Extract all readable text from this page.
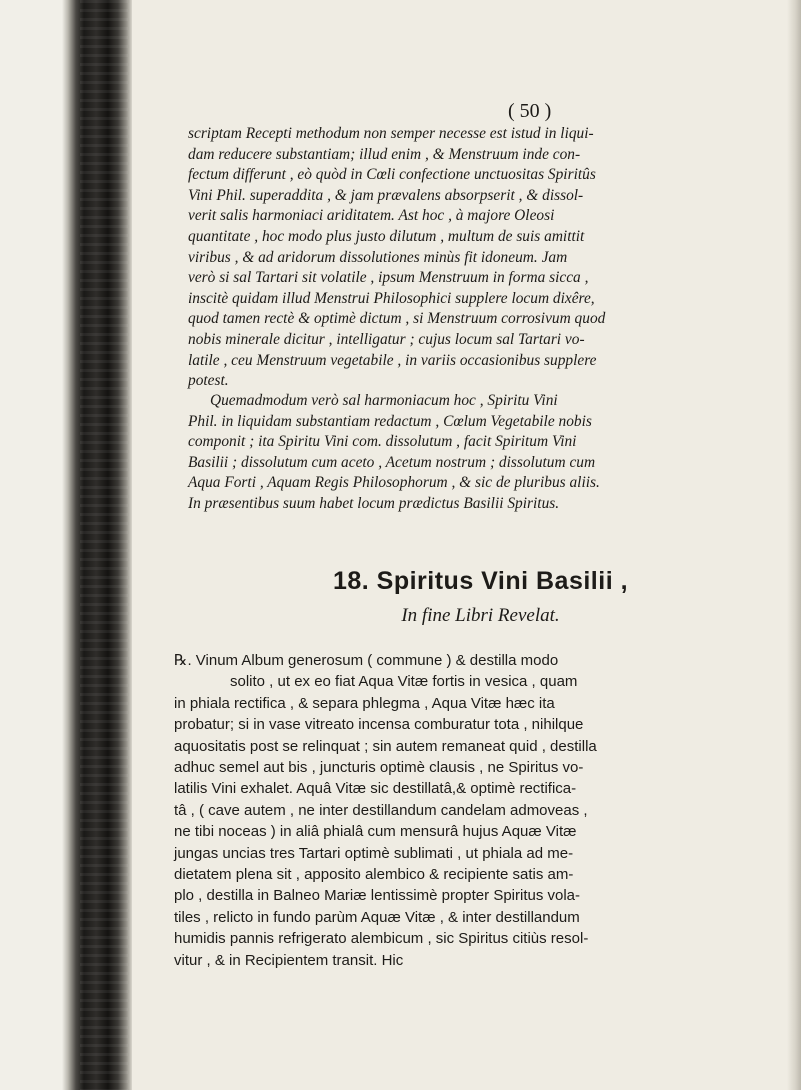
( 50 )
scriptam Recepti methodum non semper necesse est istud in liqui-
dam reducere substantiam; illud enim , & Menstruum inde con-
fectum differunt , eò quòd in Cœli confectione unctuositas Spiritûs
Vini Phil. superaddita , & jam prævalens absorpserit , & dissol-
verit salis harmoniaci ariditatem. Ast hoc , à majore Oleosi
quantitate , hoc modo plus justo dilutum , multum de suis amittit
viribus , & ad aridorum dissolutiones minùs fit idoneum. Jam
verò si sal Tartari sit volatile , ipsum Menstruum in forma sicca ,
inscitè quidam illud Menstrui Philosophici supplere locum dixêre,
quod tamen rectè & optimè dictum , si Menstruum corrosivum quod
nobis minerale dicitur , intelligatur ; cujus locum sal Tartari vo-
latile , ceu Menstruum vegetabile , in variis occasionibus supplere
potest.
Quemadmodum verò sal harmoniacum hoc , Spiritu Vini
Phil. in liquidam substantiam redactum , Cœlum Vegetabile nobis
componit ; ita Spiritu Vini com. dissolutum , facit Spiritum Vini
Basilii ; dissolutum cum aceto , Acetum nostrum ; dissolutum cum
Aqua Forti , Aquam Regis Philosophorum , & sic de pluribus aliis.
In præsentibus suum habet locum prædictus Basilii Spiritus.
18. Spiritus Vini Basilii ,
In fine Libri Revelat.
℞. Vinum Album generosum ( commune ) & destilla modo
solito , ut ex eo fiat Aqua Vitæ fortis in vesica , quam
in phiala rectifica , & separa phlegma , Aqua Vitæ hæc ita
probatur; si in vase vitreato incensa comburatur tota , nihilque
aquositatis post se relinquat ; sin autem remaneat quid , destilla
adhuc semel aut bis , juncturis optimè clausis , ne Spiritus vo-
latilis Vini exhalet. Aquâ Vitæ sic destillatâ,& optimè rectifica-
tâ , ( cave autem , ne inter destillandum candelam admoveas ,
ne tibi noceas ) in aliâ phialâ cum mensurâ hujus Aquæ Vitæ
jungas uncias tres Tartari optimè sublimati , ut phiala ad me-
dietatem plena sit , apposito alembico & recipiente satis am-
plo , destilla in Balneo Mariæ lentissimè propter Spiritus vola-
tiles , relicto in fundo parùm Aquæ Vitæ , & inter destillandum
humidis pannis refrigerato alembicum , sic Spiritus citiùs resol-
vitur , & in Recipientem transit. Hic
